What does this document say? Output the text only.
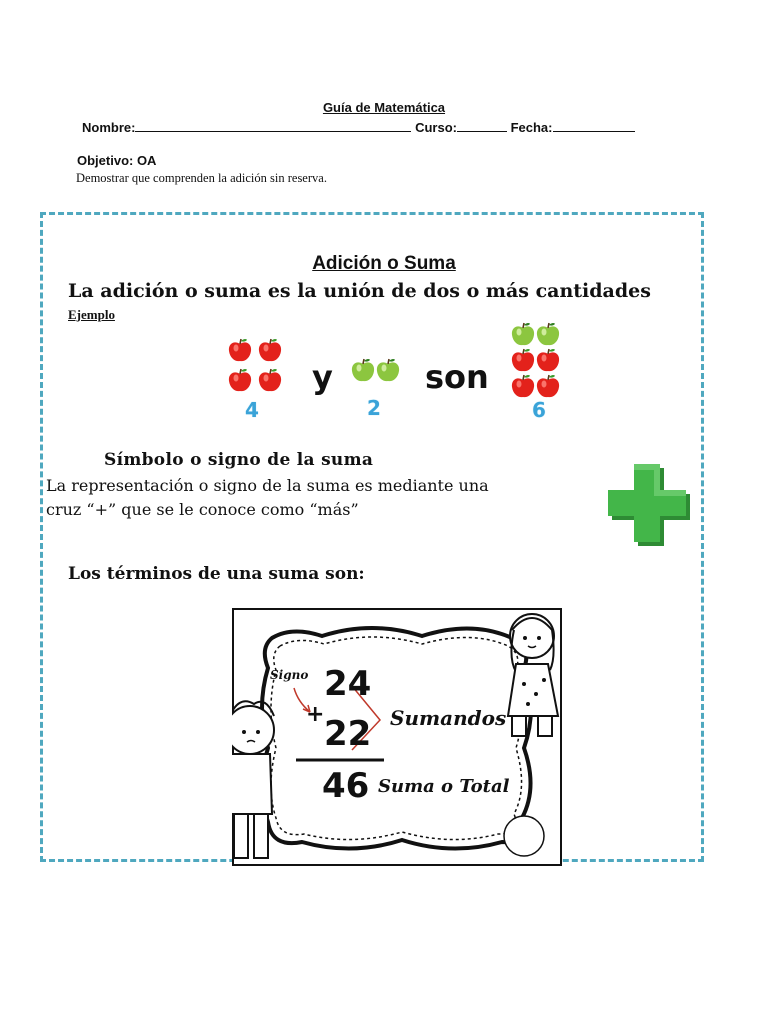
Guía de Matemática
Nombre:	Curso:	Fecha:
Objetivo: OA
Demostrar que comprenden la adición sin reserva.
Adición o Suma
La adición o suma es la unión de dos o más cantidades
Ejemplo
y	son
4	2	6
Símbolo o signo de la suma
La representación o signo de la suma es mediante una
cruz “+” que se le conoce como “más”
Los términos de una suma son:
Signo
+
24
22
46
Sumandos
Suma o Total
